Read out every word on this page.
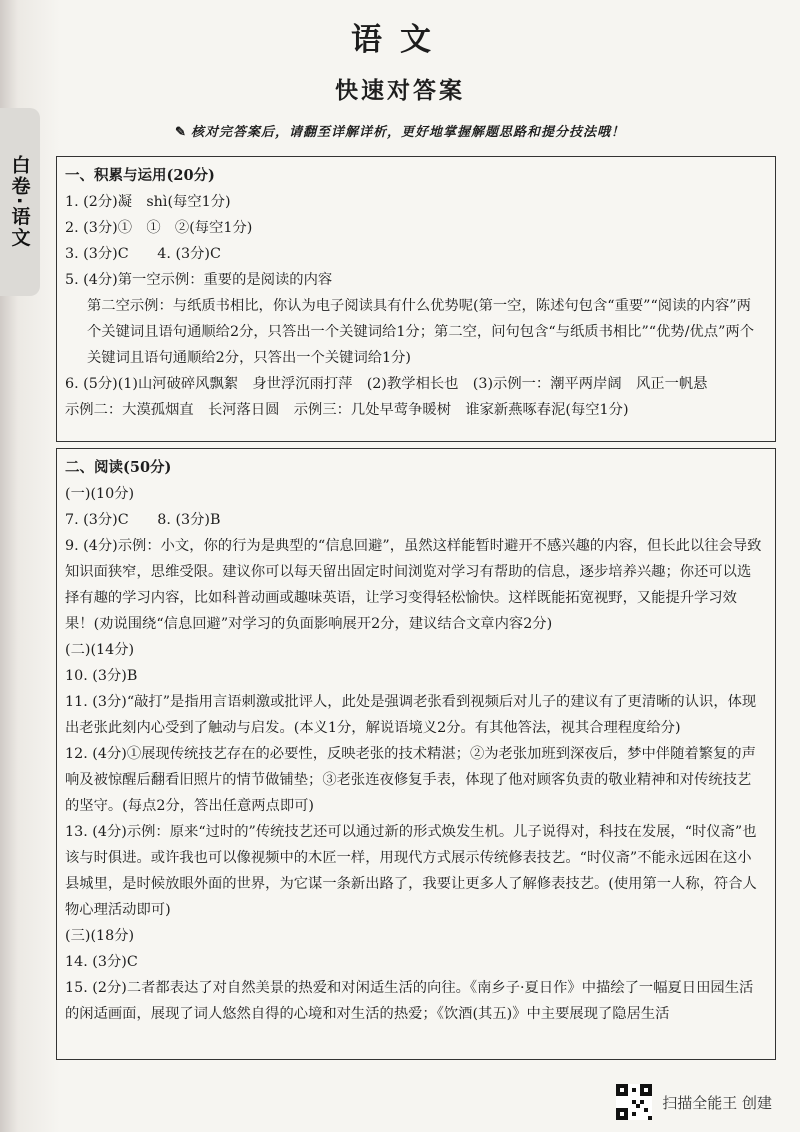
白卷·语文
语文
快速对答案
✎ 核对完答案后，请翻至详解详析，更好地掌握解题思路和提分技法哦！
一、积累与运用(20分)
1. (2分)凝　shì(每空1分)
2. (3分)①　①　②(每空1分)
3. (3分)C　　4. (3分)C
5. (4分)第一空示例：重要的是阅读的内容
第二空示例：与纸质书相比，你认为电子阅读具有什么优势呢(第一空，陈述句包含“重要”“阅读的内容”两个关键词且语句通顺给2分，只答出一个关键词给1分；第二空，问句包含“与纸质书相比”“优势/优点”两个关键词且语句通顺给2分，只答出一个关键词给1分)
6. (5分)(1)山河破碎风飘絮　身世浮沉雨打萍　(2)教学相长也　(3)示例一：潮平两岸阔　风正一帆悬
示例二：大漠孤烟直　长河落日圆　示例三：几处早莺争暖树　谁家新燕啄春泥(每空1分)
二、阅读(50分)
(一)(10分)
7. (3分)C　　8. (3分)B
9. (4分)示例：小文，你的行为是典型的“信息回避”，虽然这样能暂时避开不感兴趣的内容，但长此以往会导致知识面狭窄，思维受限。建议你可以每天留出固定时间浏览对学习有帮助的信息，逐步培养兴趣；你还可以选择有趣的学习内容，比如科普动画或趣味英语，让学习变得轻松愉快。这样既能拓宽视野，又能提升学习效果！(劝说围绕“信息回避”对学习的负面影响展开2分，建议结合文章内容2分)
(二)(14分)
10. (3分)B
11. (3分)“敲打”是指用言语刺激或批评人，此处是强调老张看到视频后对儿子的建议有了更清晰的认识，体现出老张此刻内心受到了触动与启发。(本义1分，解说语境义2分。有其他答法，视其合理程度给分)
12. (4分)①展现传统技艺存在的必要性，反映老张的技术精湛；②为老张加班到深夜后，梦中伴随着繁复的声响及被惊醒后翻看旧照片的情节做铺垫；③老张连夜修复手表，体现了他对顾客负责的敬业精神和对传统技艺的坚守。(每点2分，答出任意两点即可)
13. (4分)示例：原来“过时的”传统技艺还可以通过新的形式焕发生机。儿子说得对，科技在发展，“时仪斋”也该与时俱进。或许我也可以像视频中的木匠一样，用现代方式展示传统修表技艺。“时仪斋”不能永远困在这小县城里，是时候放眼外面的世界，为它谋一条新出路了，我要让更多人了解修表技艺。(使用第一人称，符合人物心理活动即可)
(三)(18分)
14. (3分)C
15. (2分)二者都表达了对自然美景的热爱和对闲适生活的向往。《南乡子·夏日作》中描绘了一幅夏日田园生活的闲适画面，展现了词人悠然自得的心境和对生活的热爱；《饮酒(其五)》中主要展现了隐居生活
扫描全能王 创建
